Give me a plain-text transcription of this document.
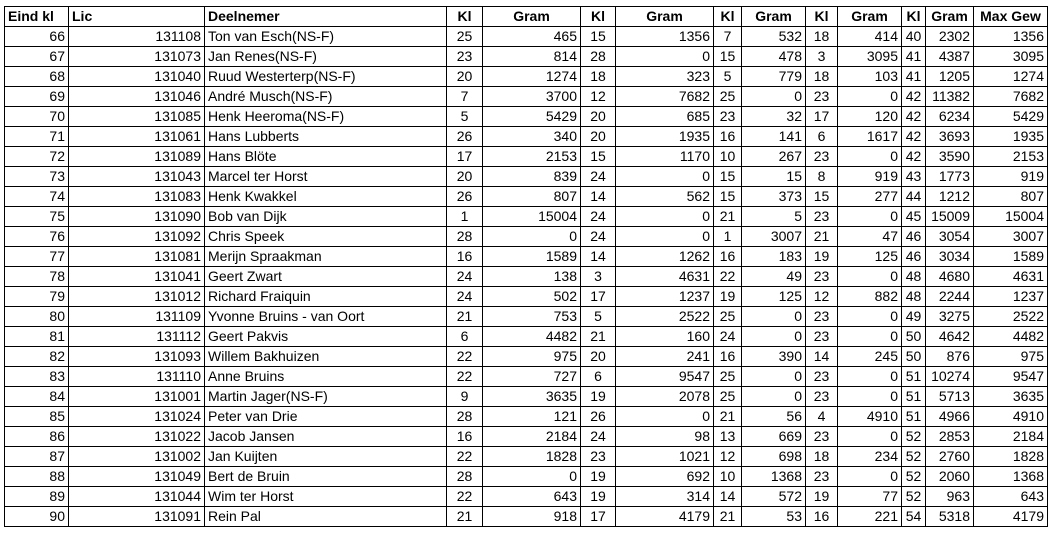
Eind kl	Lic	Deelnemer	Kl	Gram	Kl	Gram	Kl	Gram	Kl	Gram	Kl	Gram	Max Gew
66	131108	Ton van Esch(NS-F)	25	465	15	1356	7	532	18	414	40	2302	1356
67	131073	Jan Renes(NS-F)	23	814	28	0	15	478	3	3095	41	4387	3095
68	131040	Ruud Westerterp(NS-F)	20	1274	18	323	5	779	18	103	41	1205	1274
69	131046	André Musch(NS-F)	7	3700	12	7682	25	0	23	0	42	11382	7682
70	131085	Henk Heeroma(NS-F)	5	5429	20	685	23	32	17	120	42	6234	5429
71	131061	Hans Lubberts	26	340	20	1935	16	141	6	1617	42	3693	1935
72	131089	Hans Blöte	17	2153	15	1170	10	267	23	0	42	3590	2153
73	131043	Marcel ter Horst	20	839	24	0	15	15	8	919	43	1773	919
74	131083	Henk Kwakkel	26	807	14	562	15	373	15	277	44	1212	807
75	131090	Bob van Dijk	1	15004	24	0	21	5	23	0	45	15009	15004
76	131092	Chris Speek	28	0	24	0	1	3007	21	47	46	3054	3007
77	131081	Merijn Spraakman	16	1589	14	1262	16	183	19	125	46	3034	1589
78	131041	Geert Zwart	24	138	3	4631	22	49	23	0	48	4680	4631
79	131012	Richard Fraiquin	24	502	17	1237	19	125	12	882	48	2244	1237
80	131109	Yvonne Bruins - van Oort	21	753	5	2522	25	0	23	0	49	3275	2522
81	131112	Geert Pakvis	6	4482	21	160	24	0	23	0	50	4642	4482
82	131093	Willem Bakhuizen	22	975	20	241	16	390	14	245	50	876	975
83	131110	Anne Bruins	22	727	6	9547	25	0	23	0	51	10274	9547
84	131001	Martin Jager(NS-F)	9	3635	19	2078	25	0	23	0	51	5713	3635
85	131024	Peter van Drie	28	121	26	0	21	56	4	4910	51	4966	4910
86	131022	Jacob Jansen	16	2184	24	98	13	669	23	0	52	2853	2184
87	131002	Jan Kuijten	22	1828	23	1021	12	698	18	234	52	2760	1828
88	131049	Bert de Bruin	28	0	19	692	10	1368	23	0	52	2060	1368
89	131044	Wim ter Horst	22	643	19	314	14	572	19	77	52	963	643
90	131091	Rein Pal	21	918	17	4179	21	53	16	221	54	5318	4179
